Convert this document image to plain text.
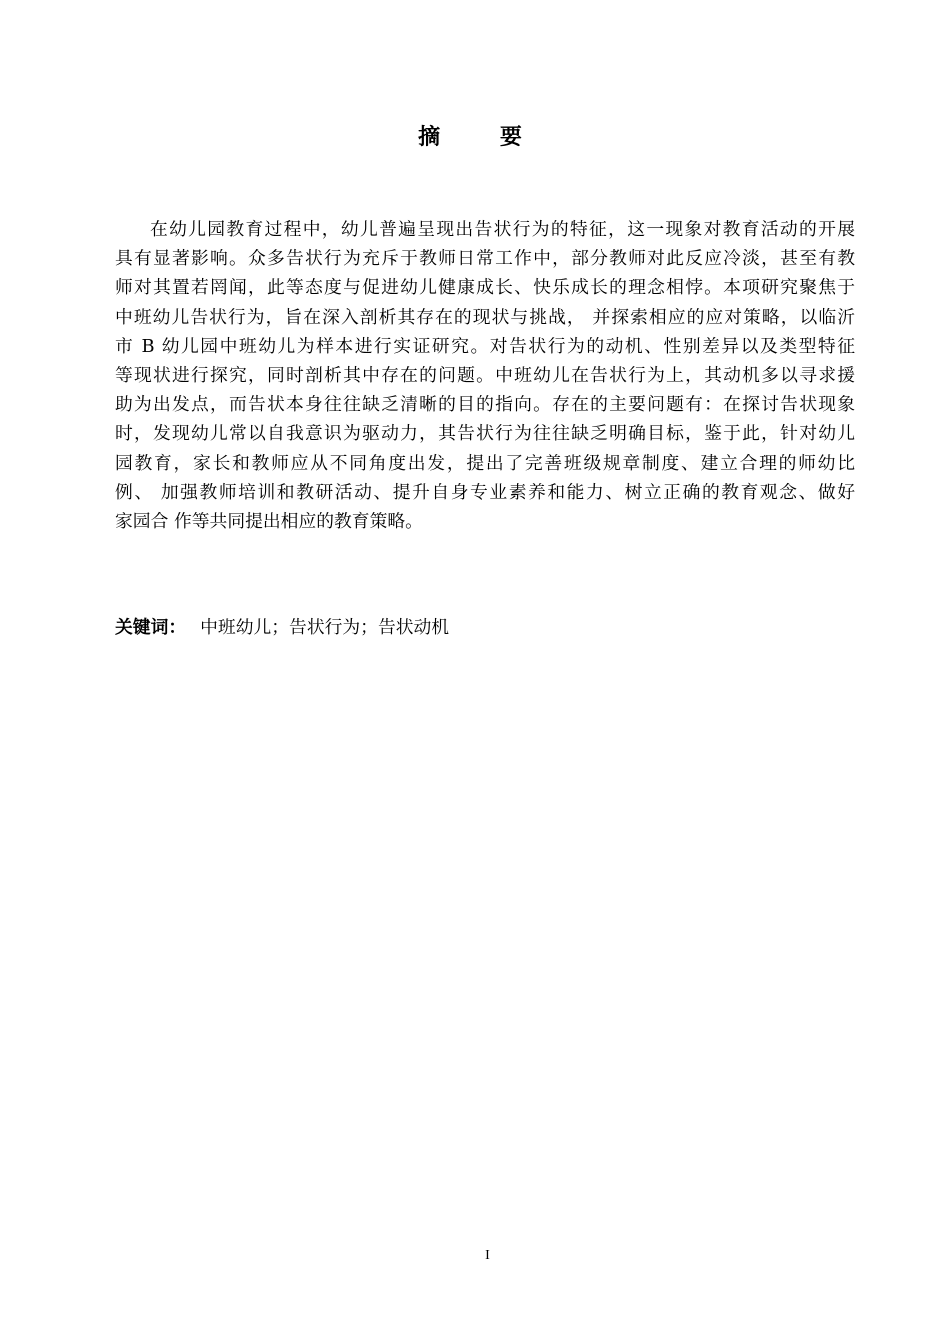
摘 要
在幼儿园教育过程中，幼儿普遍呈现出告状行为的特征，这一现象对教育活动的开展
具有显著影响。众多告状行为充斥于教师日常工作中，部分教师对此反应冷淡，甚至有教
师对其置若罔闻，此等态度与促进幼儿健康成长、快乐成长的理念相悖。本项研究聚焦于
中班幼儿告状行为，旨在深入剖析其存在的现状与挑战， 并探索相应的应对策略，以临沂
市 B 幼儿园中班幼儿为样本进行实证研究。对告状行为的动机、性别差异以及类型特征
等现状进行探究，同时剖析其中存在的问题。中班幼儿在告状行为上，其动机多以寻求援
助为出发点，而告状本身往往缺乏清晰的目的指向。存在的主要问题有：在探讨告状现象
时，发现幼儿常以自我意识为驱动力，其告状行为往往缺乏明确目标，鉴于此，针对幼儿
园教育，家长和教师应从不同角度出发，提出了完善班级规章制度、建立合理的师幼比
例、 加强教师培训和教研活动、提升自身专业素养和能力、树立正确的教育观念、做好
家园合 作等共同提出相应的教育策略。
关键词： 中班幼儿；告状行为；告状动机
I
